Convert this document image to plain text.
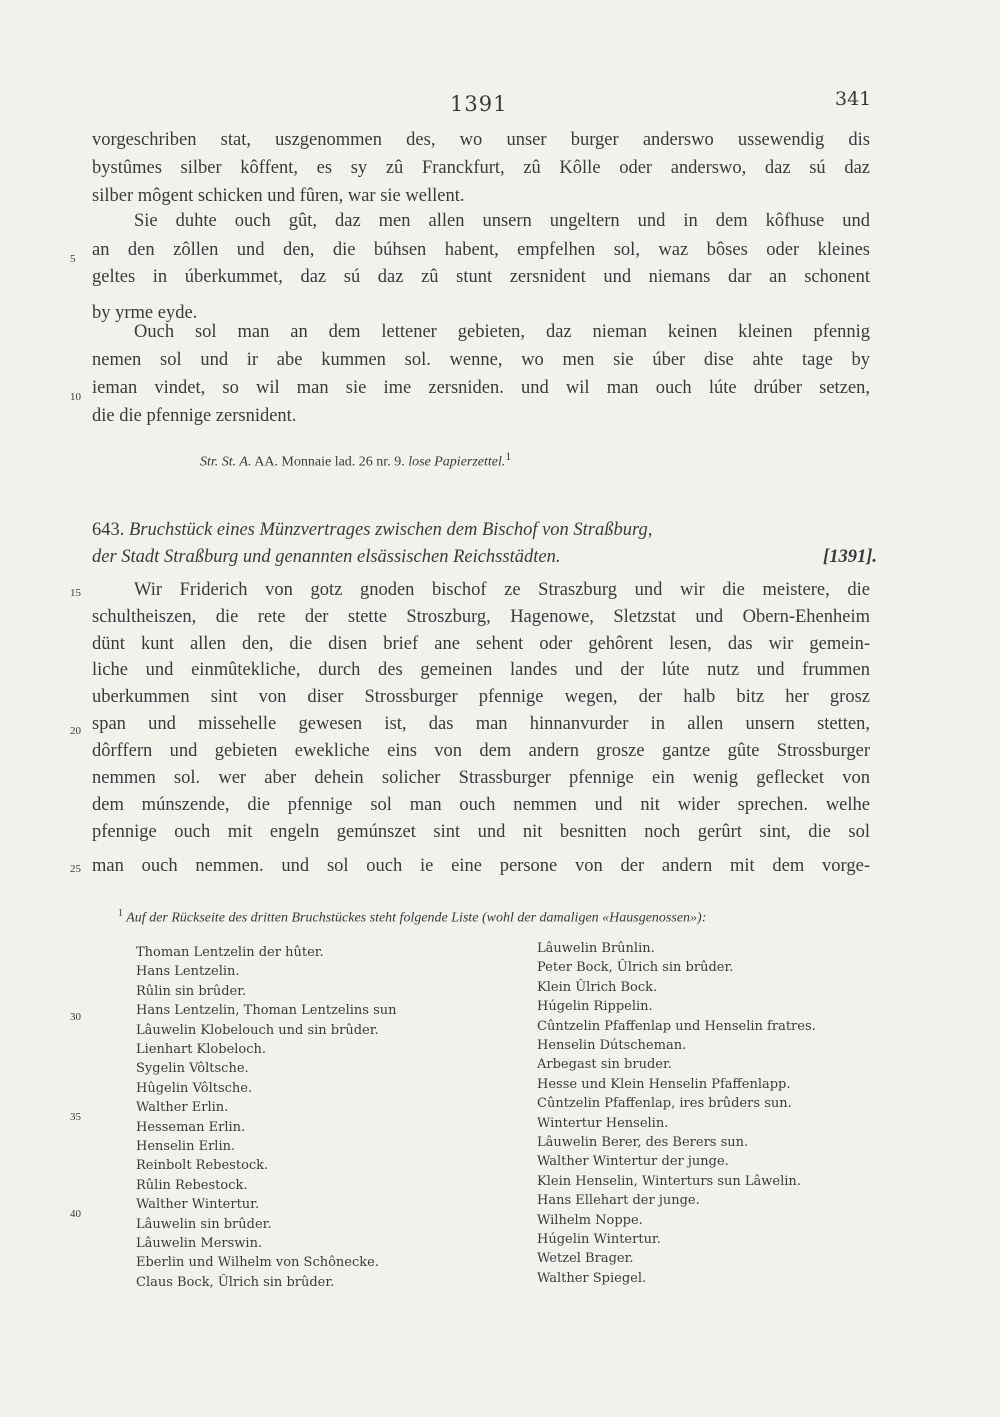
1391	341
vorgeschriben stat, uszgenommen des, wo unser burger anderswo ussewendig dis
bystûmes silber kôffent, es sy zû Franckfurt, zû Kôlle oder anderswo, daz sú daz
silber môgent schicken und fûren, war sie wellent.
Sie duhte ouch gût, daz men allen unsern ungeltern und in dem kôfhuse und
an den zôllen und den, die búhsen habent, empfelhen sol, waz bôses oder kleines
geltes in úberkummet, daz sú daz zû stunt zersnident und niemans dar an schonent
by yrme eyde.
Ouch sol man an dem lettener gebieten, daz nieman keinen kleinen pfennig
nemen sol und ir abe kummen sol. wenne, wo men sie úber dise ahte tage by
ieman vindet, so wil man sie ime zersniden. und wil man ouch lúte drúber setzen,
die die pfennige zersnident.
5
10
Str. St. A. AA. Monnaie lad. 26 nr. 9. lose Papierzettel.$^1$
643. Bruchstück eines Münzvertrages zwischen dem Bischof von Straßburg,
der Stadt Straßburg und genannten elsässischen Reichsstädten.	[1391].
Wir Friderich von gotz gnoden bischof ze Straszburg und wir die meistere, die
schultheiszen, die rete der stette Stroszburg, Hagenowe, Sletzstat und Obern-Ehenheim
dünt kunt allen den, die disen brief ane sehent oder gehôrent lesen, das wir gemein-
liche und einmûtekliche, durch des gemeinen landes und der lúte nutz und frummen
uberkummen sint von diser Strossburger pfennige wegen, der halb bitz her grosz
span und missehelle gewesen ist, das man hinnanvurder in allen unsern stetten,
dôrffern und gebieten ewekliche eins von dem andern grosze gantze gûte Strossburger
nemmen sol. wer aber dehein solicher Strassburger pfennige ein wenig geflecket von
dem múnszende, die pfennige sol man ouch nemmen und nit wider sprechen. welhe
pfennige ouch mit engeln gemúnszet sint und nit besnitten noch gerûrt sint, die sol
man ouch nemmen. und sol ouch ie eine persone von der andern mit dem vorge-
15
20
25
$^1$ Auf der Rückseite des dritten Bruchstückes steht folgende Liste (wohl der damaligen «Hausgenossen»):
30
35
40
Thoman Lentzelin der hûter.
Hans Lentzelin.
Rûlin sin brûder.
Hans Lentzelin, Thoman Lentzelins sun
Lâuwelin Klobelouch und sin brûder.
Lienhart Klobeloch.
Sygelin Vôltsche.
Hûgelin Vôltsche.
Walther Erlin.
Hesseman Erlin.
Henselin Erlin.
Reinbolt Rebestock.
Rûlin Rebestock.
Walther Wintertur.
Lâuwelin sin brûder.
Lâuwelin Merswin.
Eberlin und Wilhelm von Schônecke.
Claus Bock, Ûlrich sin brûder.
Lâuwelin Brûnlin.
Peter Bock, Ûlrich sin brûder.
Klein Ûlrich Bock.
Húgelin Rippelin.
Cûntzelin Pfaffenlap und Henselin fratres.
Henselin Dútscheman.
Arbegast sin bruder.
Hesse und Klein Henselin Pfaffenlapp.
Cûntzelin Pfaffenlap, ires brûders sun.
Wintertur Henselin.
Lâuwelin Berer, des Berers sun.
Walther Wintertur der junge.
Klein Henselin, Winterturs sun Lâwelin.
Hans Ellehart der junge.
Wilhelm Noppe.
Húgelin Wintertur.
Wetzel Brager.
Walther Spiegel.
